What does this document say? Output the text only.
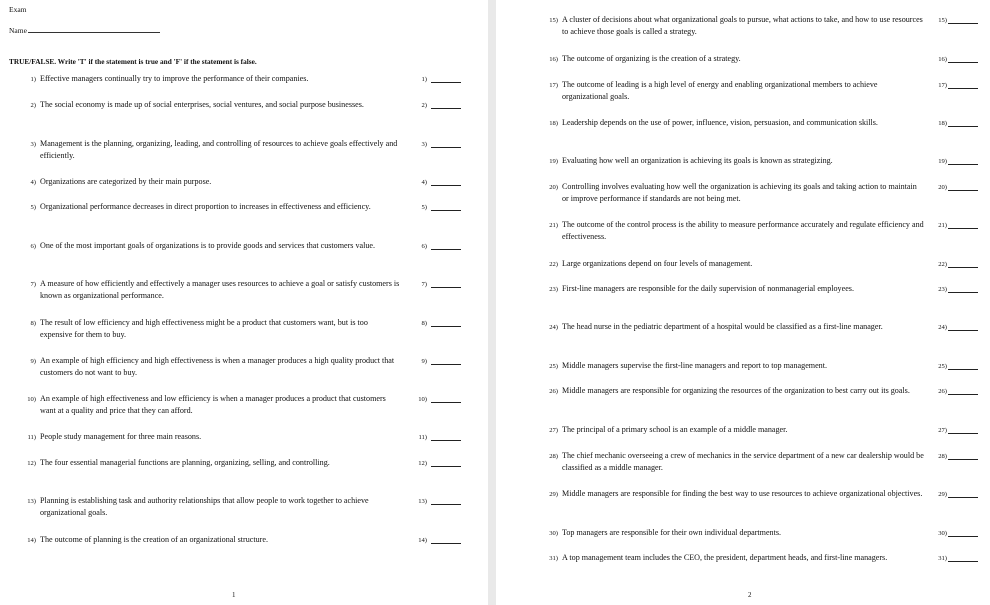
Exam
Name
TRUE/FALSE. Write 'T' if the statement is true and 'F' if the statement is false.
1) Effective managers continually try to improve the performance of their companies.	1)
2) The social economy is made up of social enterprises, social ventures, and social purpose businesses.	2)
3) Management is the planning, organizing, leading, and controlling of resources to achieve goals effectively and efficiently.
3)
4) Organizations are categorized by their main purpose.	4)
5) Organizational performance decreases in direct proportion to increases in effectiveness and efficiency.	5)
6) One of the most important goals of organizations is to provide goods and services that customers value.	6)
7) A measure of how efficiently and effectively a manager uses resources to achieve a goal or satisfy customers is known as organizational performance.
7)
8) The result of low efficiency and high effectiveness might be a product that customers want, but is too expensive for them to buy.
8)
9) An example of high efficiency and high effectiveness is when a manager produces a high quality product that customers do not want to buy.
9)
10) An example of high effectiveness and low efficiency is when a manager produces a product that customers want at a quality and price that they can afford.
10)
11) People study management for three main reasons.	11)
12) The four essential managerial functions are planning, organizing, selling, and controlling.	12)
13) Planning is establishing task and authority relationships that allow people to work together to achieve organizational goals.
13)
14) The outcome of planning is the creation of an organizational structure.	14)
1
15) A cluster of decisions about what organizational goals to pursue, what actions to take, and how to use resources to achieve those goals is called a strategy.
15)
16) The outcome of organizing is the creation of a strategy.	16)
17) The outcome of leading is a high level of energy and enabling organizational members to achieve organizational goals.
17)
18) Leadership depends on the use of power, influence, vision, persuasion, and communication skills.	18)
19) Evaluating how well an organization is achieving its goals is known as strategizing.	19)
20) Controlling involves evaluating how well the organization is achieving its goals and taking action to maintain or improve performance if standards are not being met.
20)
21) The outcome of the control process is the ability to measure performance accurately and regulate efficiency and effectiveness.
21)
22) Large organizations depend on four levels of management.	22)
23) First-line managers are responsible for the daily supervision of nonmanagerial employees.	23)
24) The head nurse in the pediatric department of a hospital would be classified as a first-line manager.	24)
25) Middle managers supervise the first-line managers and report to top management.	25)
26) Middle managers are responsible for organizing the resources of the organization to best carry out its goals.	26)
27) The principal of a primary school is an example of a middle manager.	27)
28) The chief mechanic overseeing a crew of mechanics in the service department of a new car dealership would be classified as a middle manager.
28)
29) Middle managers are responsible for finding the best way to use resources to achieve organizational objectives.	29)
30) Top managers are responsible for their own individual departments.	30)
31) A top management team includes the CEO, the president, department heads, and first-line managers.	31)
2
